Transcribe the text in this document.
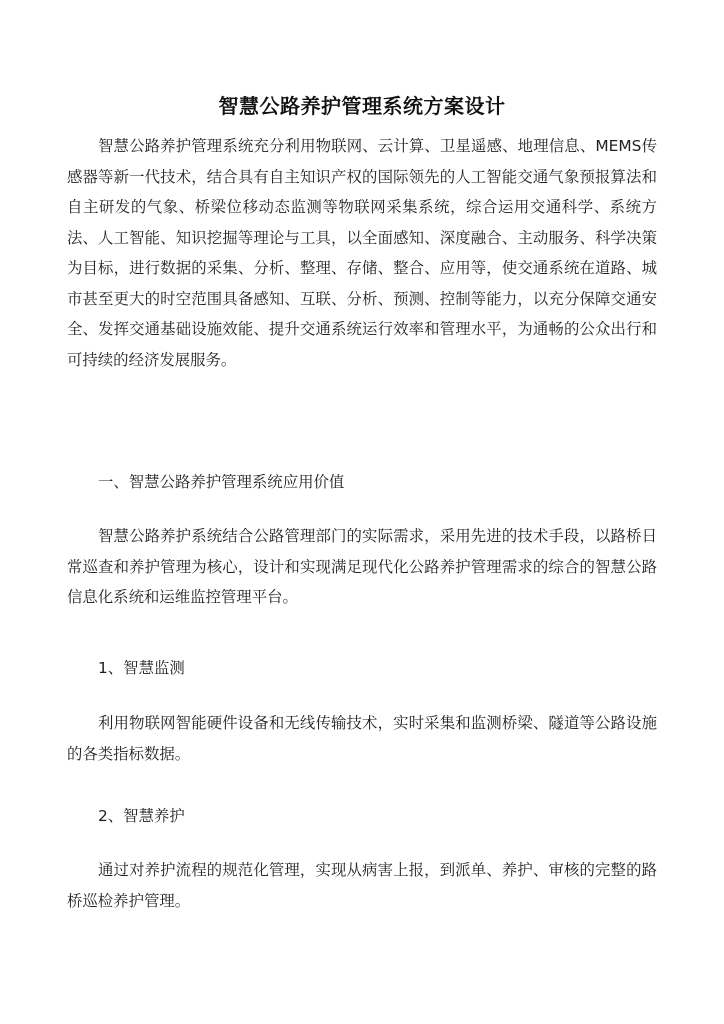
智慧公路养护管理系统方案设计

智慧公路养护管理系统充分利用物联网、云计算、卫星遥感、地理信息、MEMS传感器等新一代技术，结合具有自主知识产权的国际领先的人工智能交通气象预报算法和自主研发的气象、桥梁位移动态监测等物联网采集系统，综合运用交通科学、系统方法、人工智能、知识挖掘等理论与工具，以全面感知、深度融合、主动服务、科学决策为目标，进行数据的采集、分析、整理、存储、整合、应用等，使交通系统在道路、城市甚至更大的时空范围具备感知、互联、分析、预测、控制等能力，以充分保障交通安全、发挥交通基础设施效能、提升交通系统运行效率和管理水平，为通畅的公众出行和可持续的经济发展服务。

一、智慧公路养护管理系统应用价值

智慧公路养护系统结合公路管理部门的实际需求，采用先进的技术手段，以路桥日常巡查和养护管理为核心，设计和实现满足现代化公路养护管理需求的综合的智慧公路信息化系统和运维监控管理平台。

1、智慧监测

利用物联网智能硬件设备和无线传输技术，实时采集和监测桥梁、隧道等公路设施的各类指标数据。

2、智慧养护

通过对养护流程的规范化管理，实现从病害上报，到派单、养护、审核的完整的路桥巡检养护管理。
